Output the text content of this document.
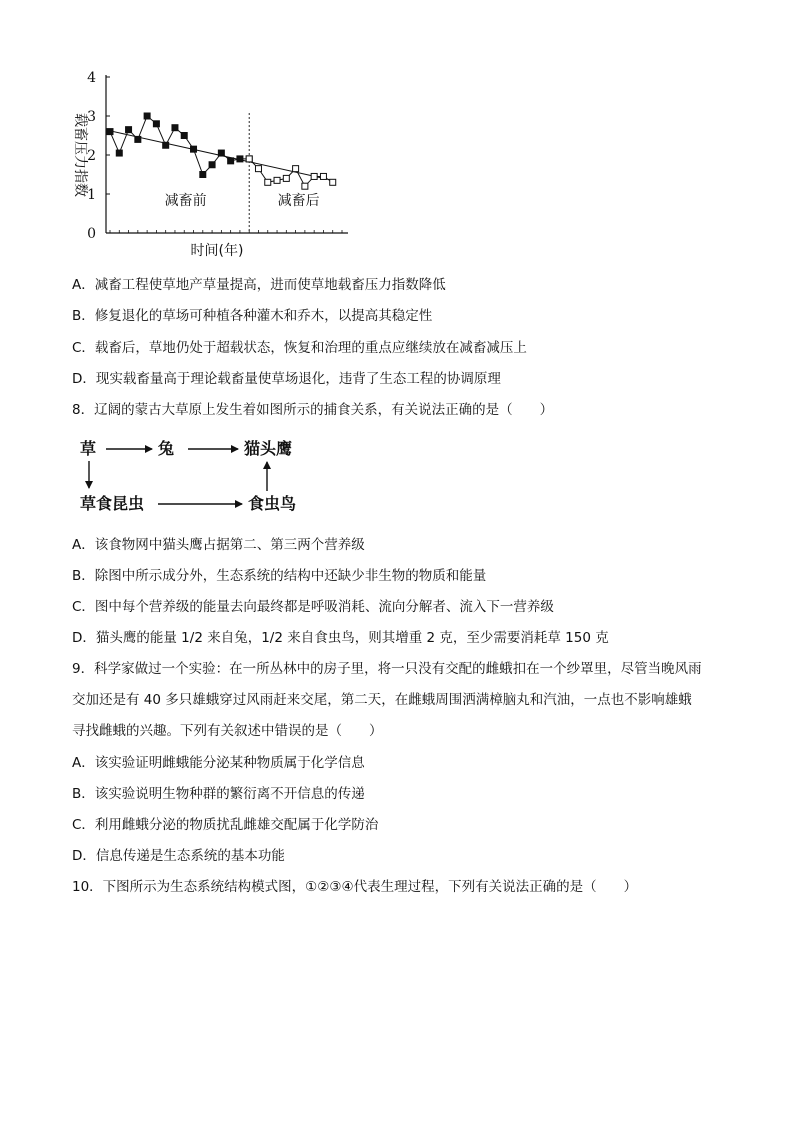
0
1
2
3
4
载畜压力指数
时间(年)
减畜前	减畜后
A．减畜工程使草地产草量提高，进而使草地载畜压力指数降低
B．修复退化的草场可种植各种灌木和乔木，以提高其稳定性
C．载畜后，草地仍处于超载状态，恢复和治理的重点应继续放在减畜减压上
D．现实载畜量高于理论载畜量使草场退化，违背了生态工程的协调原理
8．辽阔的蒙古大草原上发生着如图所示的捕食关系，有关说法正确的是（　　）
草	兔	猫头鹰
草食昆虫	食虫鸟
A．该食物网中猫头鹰占据第二、第三两个营养级
B．除图中所示成分外，生态系统的结构中还缺少非生物的物质和能量
C．图中每个营养级的能量去向最终都是呼吸消耗、流向分解者、流入下一营养级
D．猫头鹰的能量 1/2 来自兔，1/2 来自食虫鸟，则其增重 2 克，至少需要消耗草 150 克
9．科学家做过一个实验：在一所丛林中的房子里，将一只没有交配的雌蛾扣在一个纱罩里，尽管当晚风雨
交加还是有 40 多只雄蛾穿过风雨赶来交尾，第二天，在雌蛾周围洒满樟脑丸和汽油，一点也不影响雄蛾
寻找雌蛾的兴趣。下列有关叙述中错误的是（　　）
A．该实验证明雌蛾能分泌某种物质属于化学信息
B．该实验说明生物种群的繁衍离不开信息的传递
C．利用雌蛾分泌的物质扰乱雌雄交配属于化学防治
D．信息传递是生态系统的基本功能
10．下图所示为生态系统结构模式图，①②③④代表生理过程，下列有关说法正确的是（　　）
